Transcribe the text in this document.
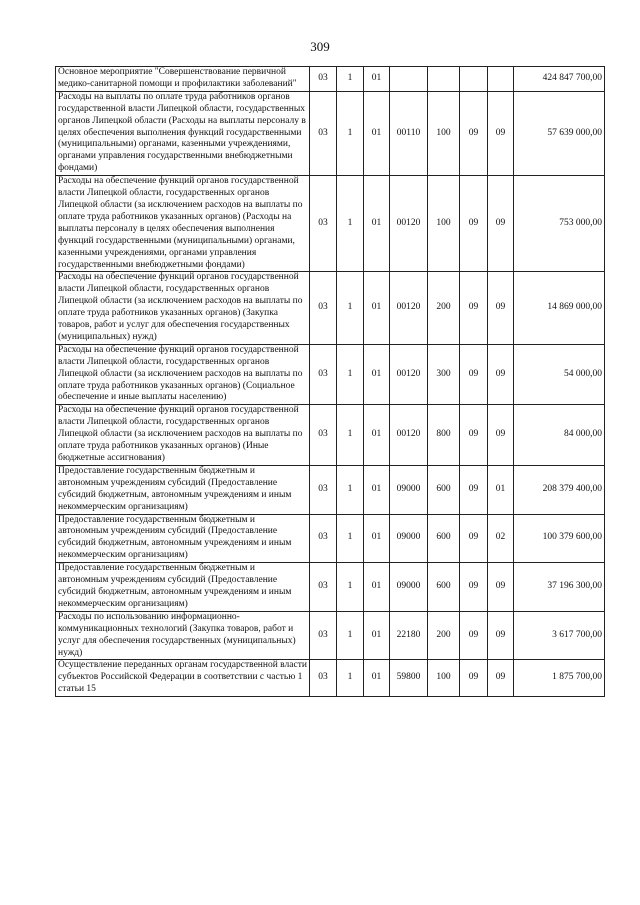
309
Основное мероприятие "Совершенствование первичной медико-санитарной помощи и профилактики заболеваний"	03	1	01					424 847 700,00
Расходы на выплаты по оплате труда работников органов государственной власти Липецкой области, государственных органов Липецкой области (Расходы на выплаты персоналу в целях обеспечения выполнения функций государственными (муниципальными) органами, казенными учреждениями, органами управления государственными внебюджетными фондами)	03	1	01	00110	100	09	09	57 639 000,00
Расходы на обеспечение функций органов государственной власти Липецкой области, государственных органов Липецкой области (за исключением расходов на выплаты по оплате труда работников указанных органов) (Расходы на выплаты персоналу в целях обеспечения выполнения функций государственными (муниципальными) органами, казенными учреждениями, органами управления государственными внебюджетными фондами)	03	1	01	00120	100	09	09	753 000,00
Расходы на обеспечение функций органов государственной власти Липецкой области, государственных органов Липецкой области (за исключением расходов на выплаты по оплате труда работников указанных органов) (Закупка товаров, работ и услуг для обеспечения государственных (муниципальных) нужд)	03	1	01	00120	200	09	09	14 869 000,00
Расходы на обеспечение функций органов государственной власти Липецкой области, государственных органов Липецкой области (за исключением расходов на выплаты по оплате труда работников указанных органов) (Социальное обеспечение и иные выплаты населению)	03	1	01	00120	300	09	09	54 000,00
Расходы на обеспечение функций органов государственной власти Липецкой области, государственных органов Липецкой области (за исключением расходов на выплаты по оплате труда работников указанных органов) (Иные бюджетные ассигнования)	03	1	01	00120	800	09	09	84 000,00
Предоставление государственным бюджетным и автономным учреждениям субсидий (Предоставление субсидий бюджетным, автономным учреждениям и иным некоммерческим организациям)	03	1	01	09000	600	09	01	208 379 400,00
Предоставление государственным бюджетным и автономным учреждениям субсидий (Предоставление субсидий бюджетным, автономным учреждениям и иным некоммерческим организациям)	03	1	01	09000	600	09	02	100 379 600,00
Предоставление государственным бюджетным и автономным учреждениям субсидий (Предоставление субсидий бюджетным, автономным учреждениям и иным некоммерческим организациям)	03	1	01	09000	600	09	09	37 196 300,00
Расходы по использованию информационно-коммуникационных технологий (Закупка товаров, работ и услуг для обеспечения государственных (муниципальных) нужд)	03	1	01	22180	200	09	09	3 617 700,00
Осуществление переданных органам государственной власти субъектов Российской Федерации в соответствии с частью 1 статьи 15	03	1	01	59800	100	09	09	1 875 700,00
